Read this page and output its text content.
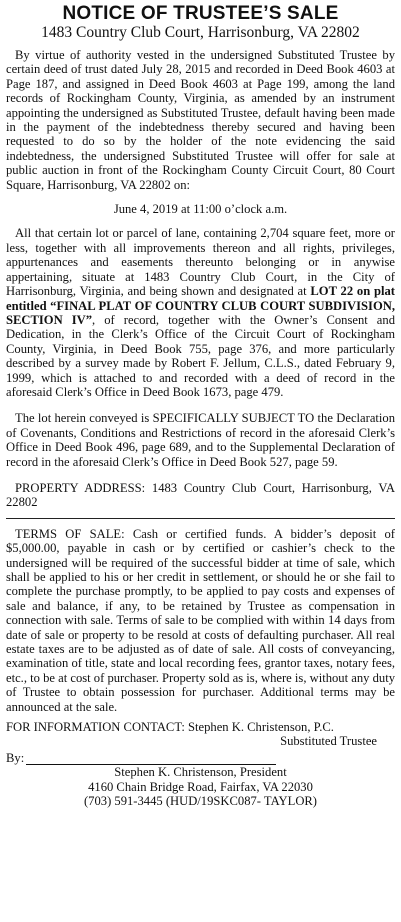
NOTICE OF TRUSTEE’S SALE
1483 Country Club Court, Harrisonburg, VA 22802

By virtue of authority vested in the undersigned Substituted Trustee by certain deed of trust dated July 28, 2015 and recorded in Deed Book 4603 at Page 187, and assigned in Deed Book 4603 at Page 199, among the land records of Rockingham County, Virginia, as amended by an instrument appointing the undersigned as Substituted Trustee, default having been made in the payment of the indebtedness thereby secured and having been requested to do so by the holder of the note evidencing the said indebtedness, the undersigned Substituted Trustee will offer for sale at public auction in front of the Rockingham County Circuit Court, 80 Court Square, Harrisonburg, VA 22802 on:

June 4, 2019 at 11:00 o’clock a.m.

All that certain lot or parcel of lane, containing 2,704 square feet, more or less, together with all improvements thereon and all rights, privileges, appurtenances and easements thereunto belonging or in anywise appertaining, situate at 1483 Country Club Court, in the City of Harrisonburg, Virginia, and being shown and designated at LOT 22 on plat entitled “FINAL PLAT OF COUNTRY CLUB COURT SUBDIVISION, SECTION IV”, of record, together with the Owner’s Consent and Dedication, in the Clerk’s Office of the Circuit Court of Rockingham County, Virginia, in Deed Book 755, page 376, and more particularly described by a survey made by Robert F. Jellum, C.L.S., dated February 9, 1999, which is attached to and recorded with a deed of record in the aforesaid Clerk’s Office in Deed Book 1673, page 479.

The lot herein conveyed is SPECIFICALLY SUBJECT TO the Declaration of Covenants, Conditions and Restrictions of record in the aforesaid Clerk’s Office in Deed Book 496, page 689, and to the Supplemental Declaration of record in the aforesaid Clerk’s Office in Deed Book 527, page 59.

PROPERTY ADDRESS: 1483 Country Club Court, Harrisonburg, VA 22802

TERMS OF SALE: Cash or certified funds. A bidder’s deposit of $5,000.00, payable in cash or by certified or cashier’s check to the undersigned will be required of the successful bidder at time of sale, which shall be applied to his or her credit in settlement, or should he or she fail to complete the purchase promptly, to be applied to pay costs and expenses of sale and balance, if any, to be retained by Trustee as compensation in connection with sale. Terms of sale to be complied with within 14 days from date of sale or property to be resold at costs of defaulting purchaser. All real estate taxes are to be adjusted as of date of sale. All costs of conveyancing, examination of title, state and local recording fees, grantor taxes, notary fees, etc., to be at cost of purchaser. Property sold as is, where is, without any duty of Trustee to obtain possession for purchaser. Additional terms may be announced at the sale.

FOR INFORMATION CONTACT: Stephen K. Christenson, P.C.
Substituted Trustee
By:
Stephen K. Christenson, President
4160 Chain Bridge Road, Fairfax, VA 22030
(703) 591-3445 (HUD/19SKC087- TAYLOR)
